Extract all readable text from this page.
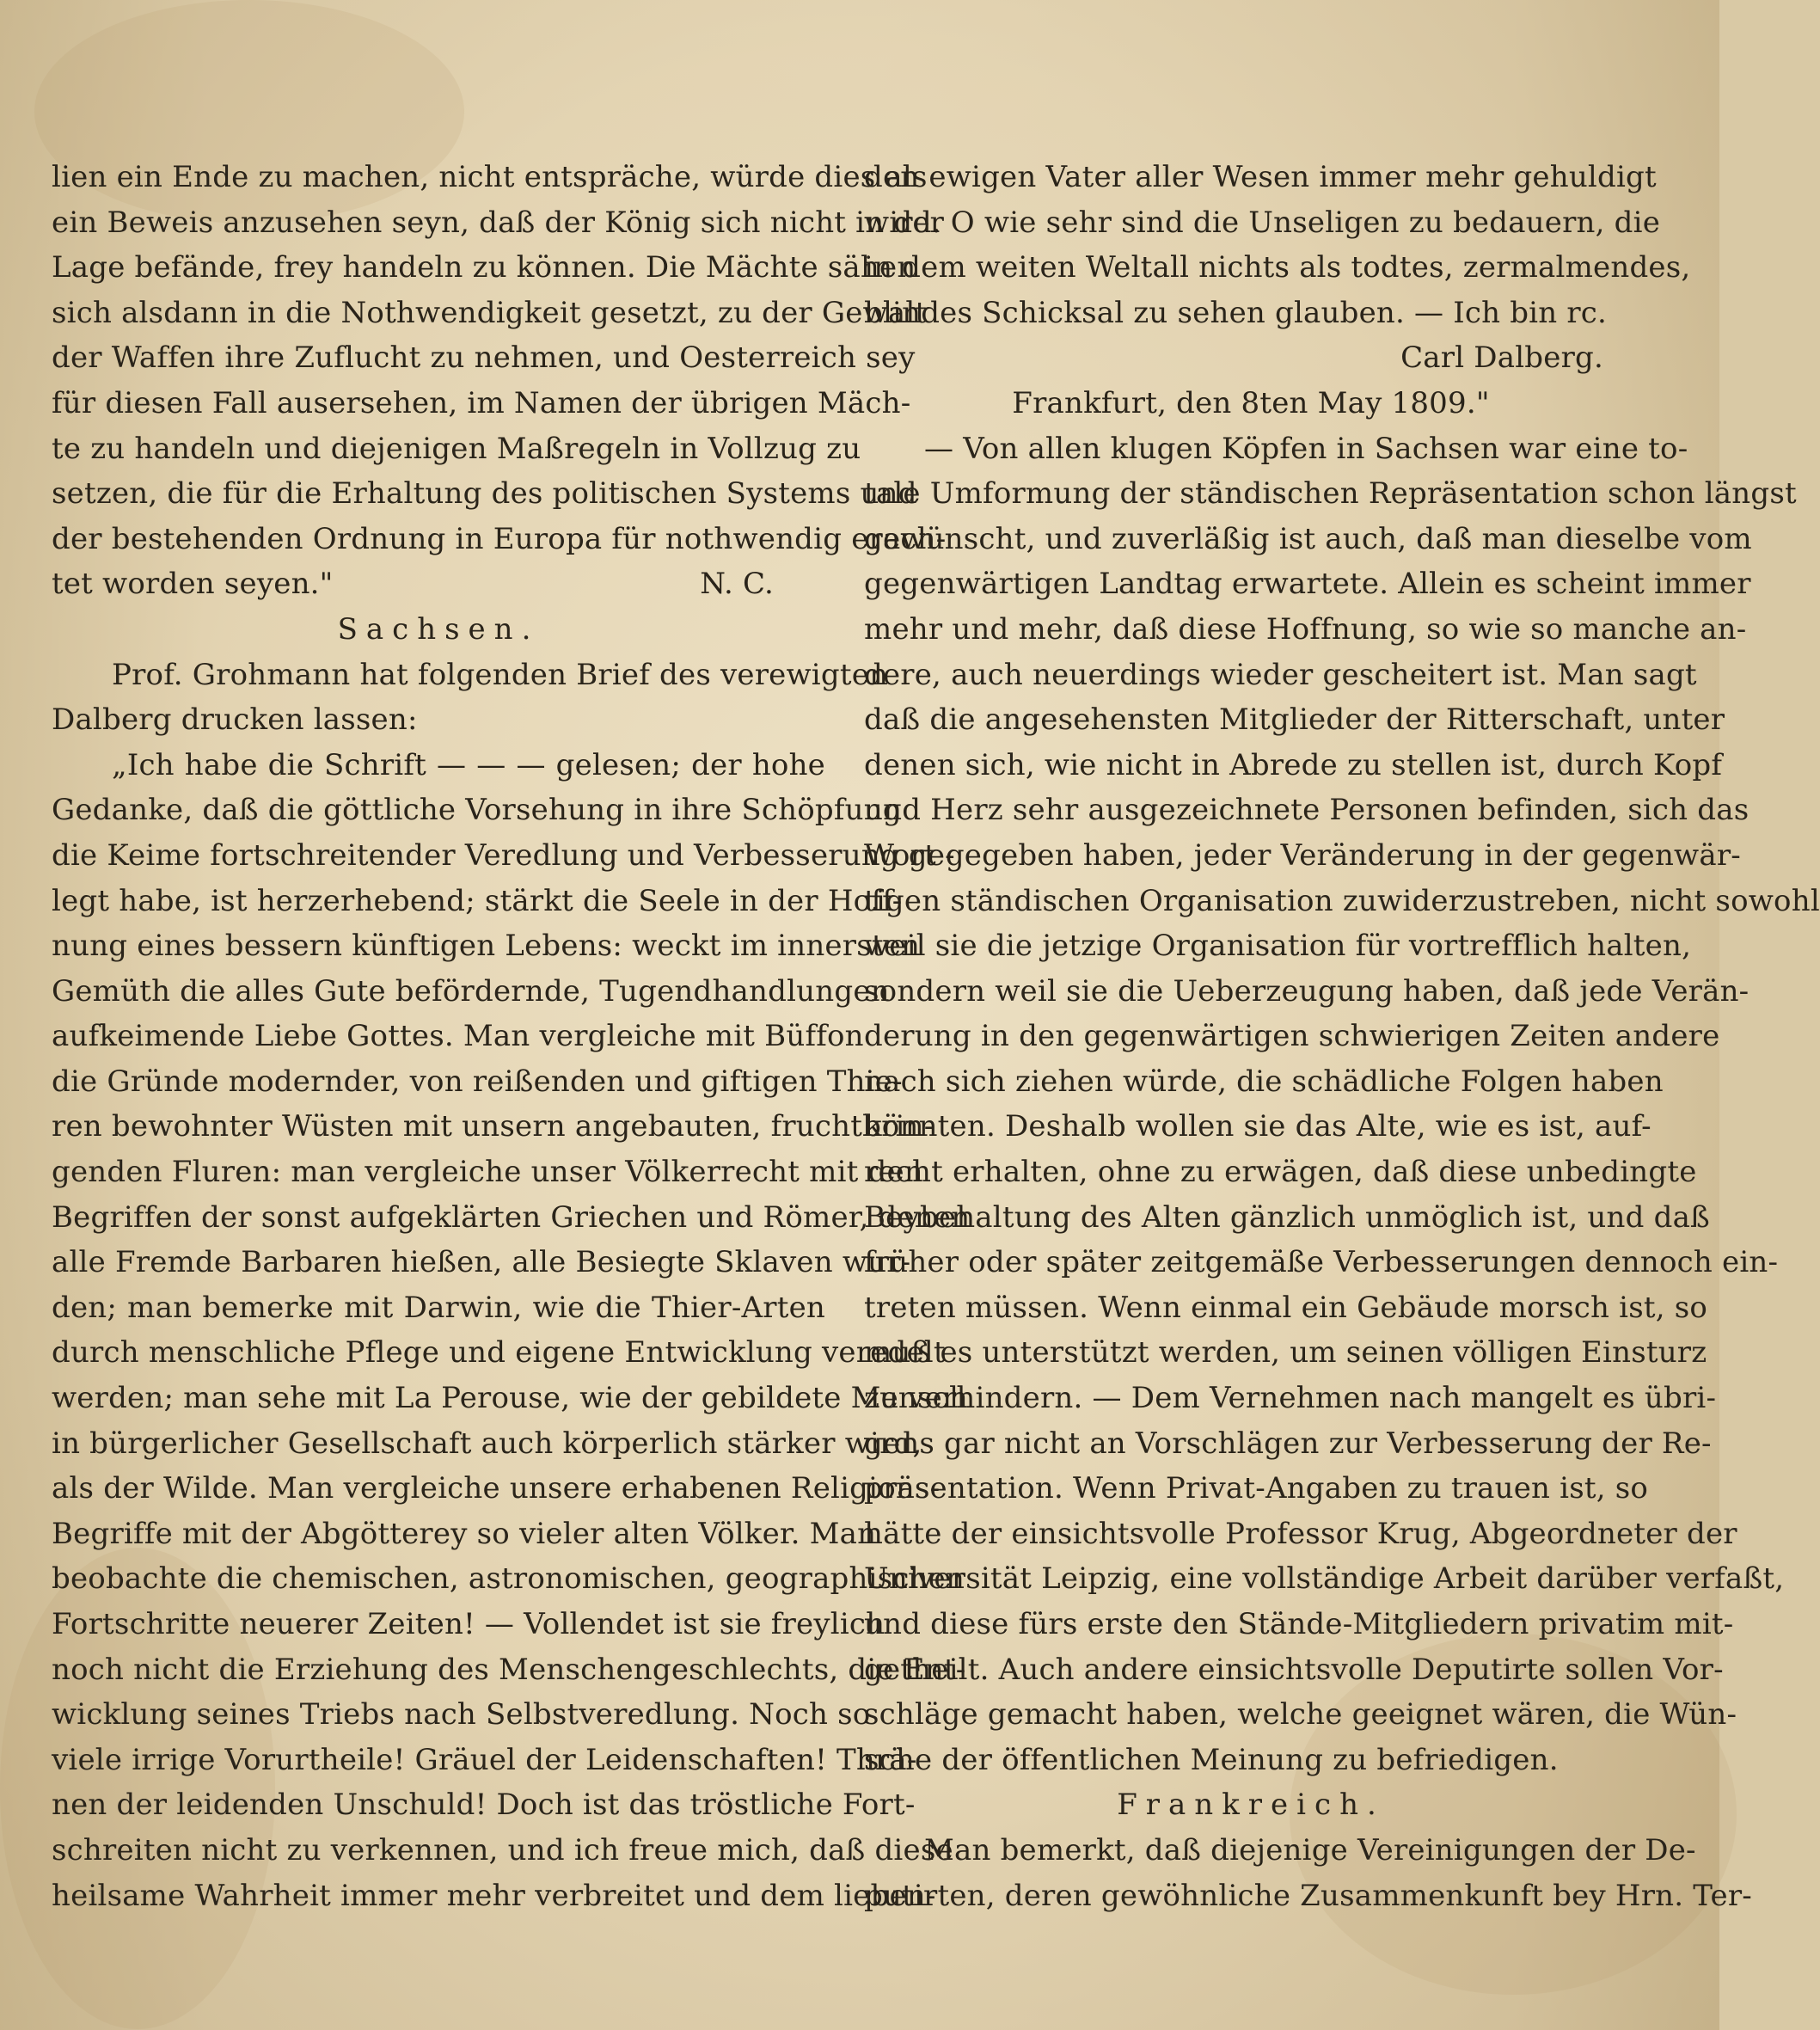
lien ein Ende zu machen, nicht entspräche, würde dies als

ein Beweis anzusehen seyn, daß der König sich nicht in der

Lage befände, frey handeln zu können. Die Mächte sähen

sich alsdann in die Nothwendigkeit gesetzt, zu der Gewalt

der Waffen ihre Zuflucht zu nehmen, und Oesterreich sey

für diesen Fall ausersehen, im Namen der übrigen Mäch-

te zu handeln und diejenigen Maßregeln in Vollzug zu

setzen, die für die Erhaltung des politischen Systems und

der bestehenden Ordnung in Europa für nothwendig erach-

tet worden seyen."	N. C.

Sachsen.

Prof. Grohmann hat folgenden Brief des verewigten

Dalberg drucken lassen:

„Ich habe die Schrift — — — gelesen; der hohe

Gedanke, daß die göttliche Vorsehung in ihre Schöpfung

die Keime fortschreitender Veredlung und Verbesserung ge-

legt habe, ist herzerhebend; stärkt die Seele in der Hoff-

nung eines bessern künftigen Lebens: weckt im innersten

Gemüth die alles Gute befördernde, Tugendhandlungen

aufkeimende Liebe Gottes. Man vergleiche mit Büffon

die Gründe modernder, von reißenden und giftigen Thie-

ren bewohnter Wüsten mit unsern angebauten, fruchtbrin-

genden Fluren: man vergleiche unser Völkerrecht mit den

Begriffen der sonst aufgeklärten Griechen und Römer, denen

alle Fremde Barbaren hießen, alle Besiegte Sklaven wur-

den; man bemerke mit Darwin, wie die Thier-Arten

durch menschliche Pflege und eigene Entwicklung veredelt

werden; man sehe mit La Perouse, wie der gebildete Mensch

in bürgerlicher Gesellschaft auch körperlich stärker wird,

als der Wilde. Man vergleiche unsere erhabenen Religions-

Begriffe mit der Abgötterey so vieler alten Völker. Man

beobachte die chemischen, astronomischen, geographischen

Fortschritte neuerer Zeiten! — Vollendet ist sie freylich

noch nicht die Erziehung des Menschengeschlechts, die Ent-

wicklung seines Triebs nach Selbstveredlung. Noch so

viele irrige Vorurtheile! Gräuel der Leidenschaften! Thrä-

nen der leidenden Unschuld! Doch ist das tröstliche Fort-

schreiten nicht zu verkennen, und ich freue mich, daß diese

heilsame Wahrheit immer mehr verbreitet und dem lieben-

den ewigen Vater aller Wesen immer mehr gehuldigt

wird. O wie sehr sind die Unseligen zu bedauern, die

in dem weiten Weltall nichts als todtes, zermalmendes,

blindes Schicksal zu sehen glauben. — Ich bin rc.

Carl Dalberg.

Frankfurt, den 8ten May 1809."

— Von allen klugen Köpfen in Sachsen war eine to-

tale Umformung der ständischen Repräsentation schon längst

gewünscht, und zuverläßig ist auch, daß man dieselbe vom

gegenwärtigen Landtag erwartete. Allein es scheint immer

mehr und mehr, daß diese Hoffnung, so wie so manche an-

dere, auch neuerdings wieder gescheitert ist. Man sagt

daß die angesehensten Mitglieder der Ritterschaft, unter

denen sich, wie nicht in Abrede zu stellen ist, durch Kopf

und Herz sehr ausgezeichnete Personen befinden, sich das

Wort gegeben haben, jeder Veränderung in der gegenwär-

tigen ständischen Organisation zuwiderzustreben, nicht sowohl

weil sie die jetzige Organisation für vortrefflich halten,

sondern weil sie die Ueberzeugung haben, daß jede Verän-

derung in den gegenwärtigen schwierigen Zeiten andere

nach sich ziehen würde, die schädliche Folgen haben

könnten. Deshalb wollen sie das Alte, wie es ist, auf-

recht erhalten, ohne zu erwägen, daß diese unbedingte

Beybehaltung des Alten gänzlich unmöglich ist, und daß

früher oder später zeitgemäße Verbesserungen dennoch ein-

treten müssen. Wenn einmal ein Gebäude morsch ist, so

muß es unterstützt werden, um seinen völligen Einsturz

zu verhindern. — Dem Vernehmen nach mangelt es übri-

gens gar nicht an Vorschlägen zur Verbesserung der Re-

präsentation. Wenn Privat-Angaben zu trauen ist, so

hätte der einsichtsvolle Professor Krug, Abgeordneter der

Universität Leipzig, eine vollständige Arbeit darüber verfaßt,

und diese fürs erste den Stände-Mitgliedern privatim mit-

getheilt. Auch andere einsichtsvolle Deputirte sollen Vor-

schläge gemacht haben, welche geeignet wären, die Wün-

sche der öffentlichen Meinung zu befriedigen.

Frankreich.

Man bemerkt, daß diejenige Vereinigungen der De-

putirten, deren gewöhnliche Zusammenkunft bey Hrn. Ter-
